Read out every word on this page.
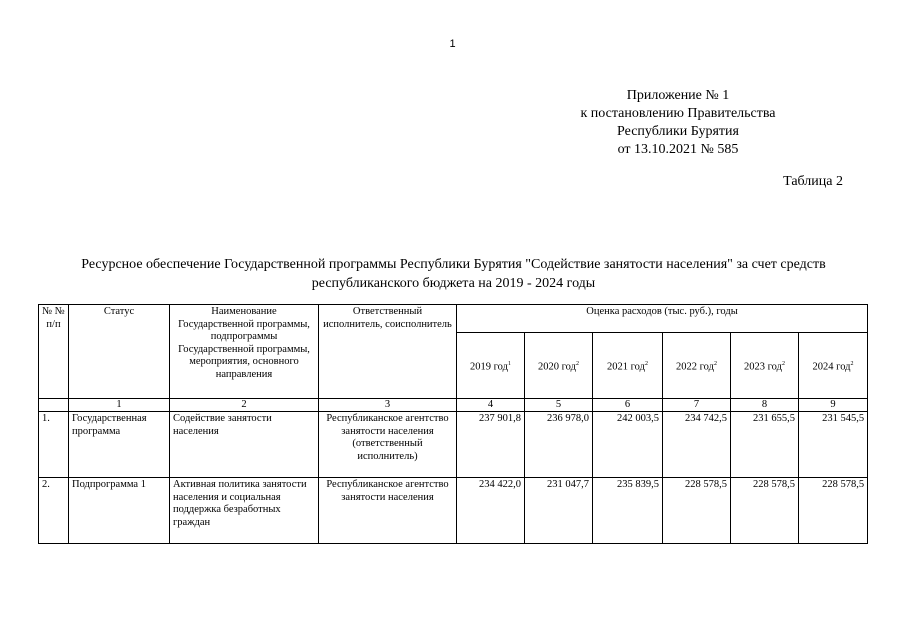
1
Приложение № 1
к постановлению Правительства
Республики Бурятия
от 13.10.2021 № 585
Таблица 2
Ресурсное обеспечение Государственной программы Республики Бурятия "Содействие занятости населения" за счет средств республиканского бюджета на 2019 - 2024 годы
№ № п/п	Статус	Наименование Государственной программы, подпрограммы Государственной программы, мероприятия, основного направления	Ответственный исполнитель, соисполнитель	Оценка расходов (тыс. руб.), годы					
				2019 год$^1$	2020 год$^2$	2021 год$^2$	2022 год$^2$	2023 год$^2$	2024 год$^2$
	1	2	3	4	5	6	7	8	9
1.	Государственная программа	Содействие занятости населения	Республиканское агентство занятости населения (ответственный исполнитель)	237 901,8	236 978,0	242 003,5	234 742,5	231 655,5	231 545,5
2.	Подпрограмма 1	Активная политика занятости населения и социальная поддержка безработных граждан	Республиканское агентство занятости населения	234 422,0	231 047,7	235 839,5	228 578,5	228 578,5	228 578,5
